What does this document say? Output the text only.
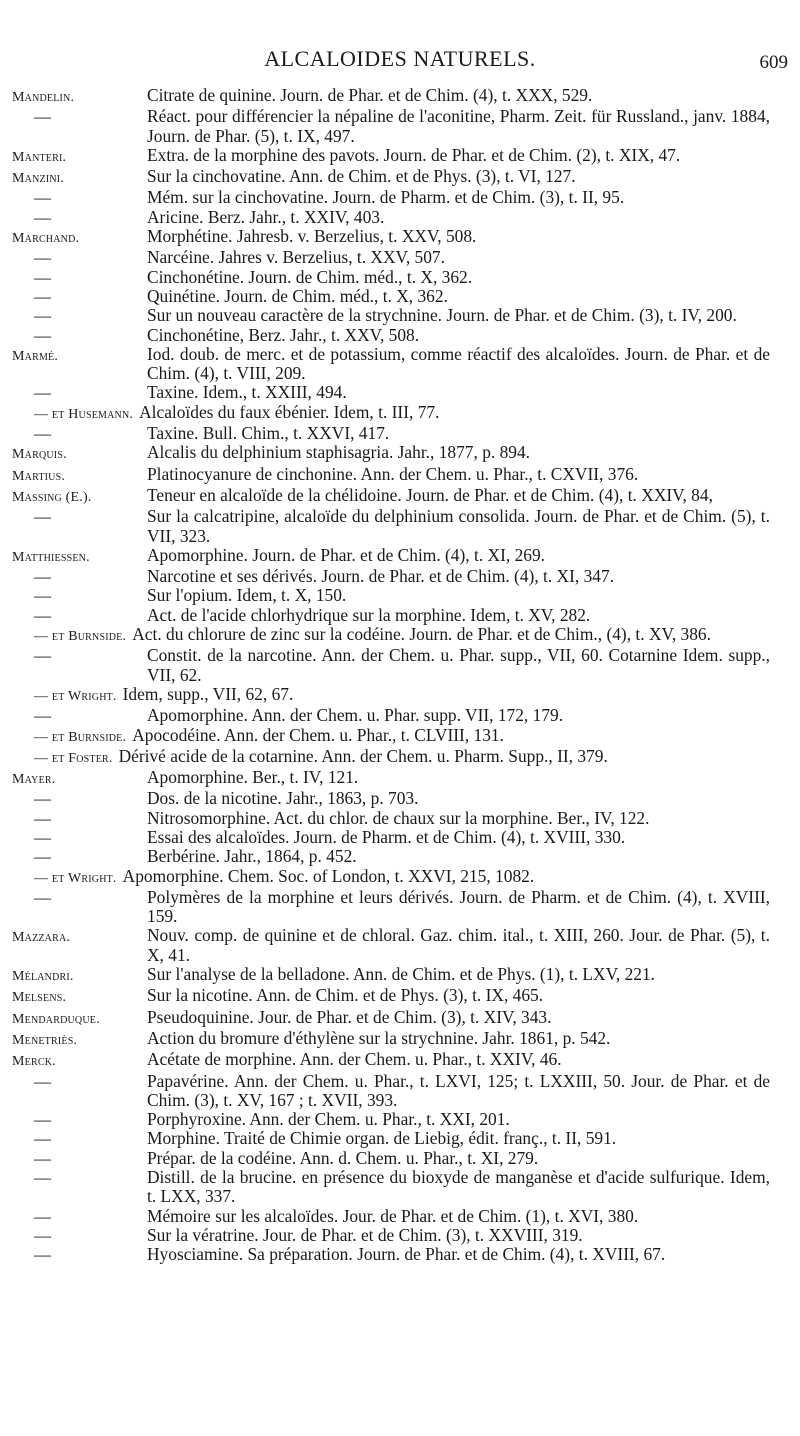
ALCALOIDES NATURELS.	609
Mandelin.	Citrate de quinine. Journ. de Phar. et de Chim. (4), t. XXX, 529.
—	Réact. pour différencier la népaline de l'aconitine, Pharm. Zeit. für Russland., janv. 1884, Journ. de Phar. (5), t. IX, 497.
Manteri.	Extra. de la morphine des pavots. Journ. de Phar. et de Chim. (2), t. XIX, 47.
Manzini.	Sur la cinchovatine. Ann. de Chim. et de Phys. (3), t. VI, 127.
—	Mém. sur la cinchovatine. Journ. de Pharm. et de Chim. (3), t. II, 95.
—	Aricine. Berz. Jahr., t. XXIV, 403.
Marchand.	Morphétine. Jahresb. v. Berzelius, t. XXV, 508.
—	Narcéine. Jahres v. Berzelius, t. XXV, 507.
—	Cinchonétine. Journ. de Chim. méd., t. X, 362.
—	Quinétine. Journ. de Chim. méd., t. X, 362.
—	Sur un nouveau caractère de la strychnine. Journ. de Phar. et de Chim. (3), t. IV, 200.
—	Cinchonétine, Berz. Jahr., t. XXV, 508.
Marmé.	Iod. doub. de merc. et de potassium, comme réactif des alcaloïdes. Journ. de Phar. et de Chim. (4), t. VIII, 209.
—	Taxine. Idem., t. XXIII, 494.
— et Husemann. Alcaloïdes du faux ébénier. Idem, t. III, 77.
—	Taxine. Bull. Chim., t. XXVI, 417.
Marquis.	Alcalis du delphinium staphisagria. Jahr., 1877, p. 894.
Martius.	Platinocyanure de cinchonine. Ann. der Chem. u. Phar., t. CXVII, 376.
Massing (E.).	Teneur en alcaloïde de la chélidoine. Journ. de Phar. et de Chim. (4), t. XXIV, 84,
—	Sur la calcatripine, alcaloïde du delphinium consolida. Journ. de Phar. et de Chim. (5), t. VII, 323.
Matthiessen.	Apomorphine. Journ. de Phar. et de Chim. (4), t. XI, 269.
—	Narcotine et ses dérivés. Journ. de Phar. et de Chim. (4), t. XI, 347.
—	Sur l'opium. Idem, t. X, 150.
—	Act. de l'acide chlorhydrique sur la morphine. Idem, t. XV, 282.
— et Burnside. Act. du chlorure de zinc sur la codéine. Journ. de Phar. et de Chim., (4), t. XV, 386.
—	Constit. de la narcotine. Ann. der Chem. u. Phar. supp., VII, 60. Cotarnine Idem. supp., VII, 62.
— et Wright. Idem, supp., VII, 62, 67.
—	Apomorphine. Ann. der Chem. u. Phar. supp. VII, 172, 179.
— et Burnside. Apocodéine. Ann. der Chem. u. Phar., t. CLVIII, 131.
— et Foster. Dérivé acide de la cotarnine. Ann. der Chem. u. Pharm. Supp., II, 379.
Mayer.	Apomorphine. Ber., t. IV, 121.
—	Dos. de la nicotine. Jahr., 1863, p. 703.
—	Nitrosomorphine. Act. du chlor. de chaux sur la morphine. Ber., IV, 122.
—	Essai des alcaloïdes. Journ. de Pharm. et de Chim. (4), t. XVIII, 330.
—	Berbérine. Jahr., 1864, p. 452.
— et Wright. Apomorphine. Chem. Soc. of London, t. XXVI, 215, 1082.
—	Polymères de la morphine et leurs dérivés. Journ. de Pharm. et de Chim. (4), t. XVIII, 159.
Mazzara.	Nouv. comp. de quinine et de chloral. Gaz. chim. ital., t. XIII, 260. Jour. de Phar. (5), t. X, 41.
Mélandri.	Sur l'analyse de la belladone. Ann. de Chim. et de Phys. (1), t. LXV, 221.
Melsens.	Sur la nicotine. Ann. de Chim. et de Phys. (3), t. IX, 465.
Mendarduque.	Pseudoquinine. Jour. de Phar. et de Chim. (3), t. XIV, 343.
Menetriès.	Action du bromure d'éthylène sur la strychnine. Jahr. 1861, p. 542.
Merck.	Acétate de morphine. Ann. der Chem. u. Phar., t. XXIV, 46.
—	Papavérine. Ann. der Chem. u. Phar., t. LXVI, 125; t. LXXIII, 50. Jour. de Phar. et de Chim. (3), t. XV, 167 ; t. XVII, 393.
—	Porphyroxine. Ann. der Chem. u. Phar., t. XXI, 201.
—	Morphine. Traité de Chimie organ. de Liebig, édit. franç., t. II, 591.
—	Prépar. de la codéine. Ann. d. Chem. u. Phar., t. XI, 279.
—	Distill. de la brucine. en présence du bioxyde de manganèse et d'acide sulfurique. Idem, t. LXX, 337.
—	Mémoire sur les alcaloïdes. Jour. de Phar. et de Chim. (1), t. XVI, 380.
—	Sur la vératrine. Jour. de Phar. et de Chim. (3), t. XXVIII, 319.
—	Hyosciamine. Sa préparation. Journ. de Phar. et de Chim. (4), t. XVIII, 67.
